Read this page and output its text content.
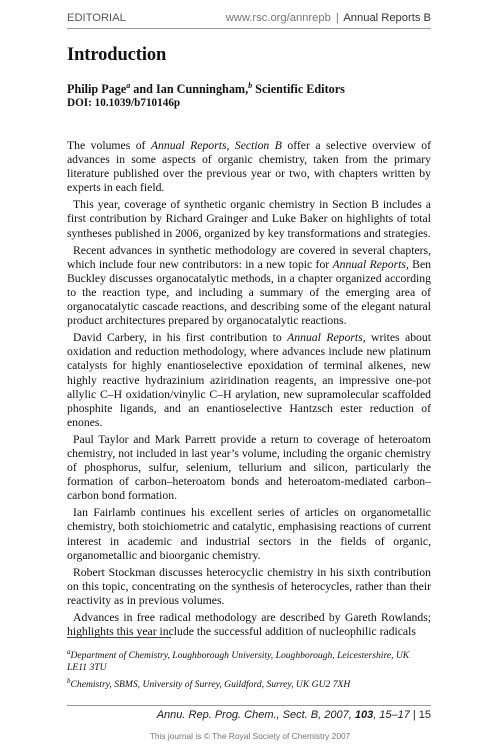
EDITORIAL	www.rsc.org/annrepb | Annual Reports B
Introduction
Philip Page$^a$ and Ian Cunningham,$^b$ Scientific Editors
DOI: 10.1039/b710146p

The volumes of Annual Reports, Section B offer a selective overview of advances in some aspects of organic chemistry, taken from the primary literature published over the previous year or two, with chapters written by experts in each field.

This year, coverage of synthetic organic chemistry in Section B includes a first contribution by Richard Grainger and Luke Baker on highlights of total syntheses published in 2006, organized by key transformations and strategies.

Recent advances in synthetic methodology are covered in several chapters, which include four new contributors: in a new topic for Annual Reports, Ben Buckley discusses organocatalytic methods, in a chapter organized according to the reaction type, and including a summary of the emerging area of organocatalytic cascade reactions, and describing some of the elegant natural product architectures prepared by organocatalytic reactions.

David Carbery, in his first contribution to Annual Reports, writes about oxidation and reduction methodology, where advances include new platinum catalysts for highly enantioselective epoxidation of terminal alkenes, new highly reactive hydrazinium aziridination reagents, an impressive one-pot allylic C–H oxidation/vinylic C–H arylation, new supramolecular scaffolded phosphite ligands, and an enantioselective Hantzsch ester reduction of enones.

Paul Taylor and Mark Parrett provide a return to coverage of heteroatom chemistry, not included in last year’s volume, including the organic chemistry of phosphorus, sulfur, selenium, tellurium and silicon, particularly the formation of carbon–heteroatom bonds and heteroatom-mediated carbon–carbon bond formation.

Ian Fairlamb continues his excellent series of articles on organometallic chemistry, both stoichiometric and catalytic, emphasising reactions of current interest in academic and industrial sectors in the fields of organic, organometallic and bioorganic chemistry.

Robert Stockman discusses heterocyclic chemistry in his sixth contribution on this topic, concentrating on the synthesis of heterocycles, rather than their reactivity as in previous volumes.

Advances in free radical methodology are described by Gareth Rowlands; highlights this year include the successful addition of nucleophilic radicals

$^a$Department of Chemistry, Loughborough University, Loughborough, Leicestershire, UK LE11 3TU

$^b$Chemistry, SBMS, University of Surrey, Guildford, Surrey, UK GU2 7XH

Annu. Rep. Prog. Chem., Sect. B, 2007, 103, 15–17 | 15
This journal is © The Royal Society of Chemistry 2007
